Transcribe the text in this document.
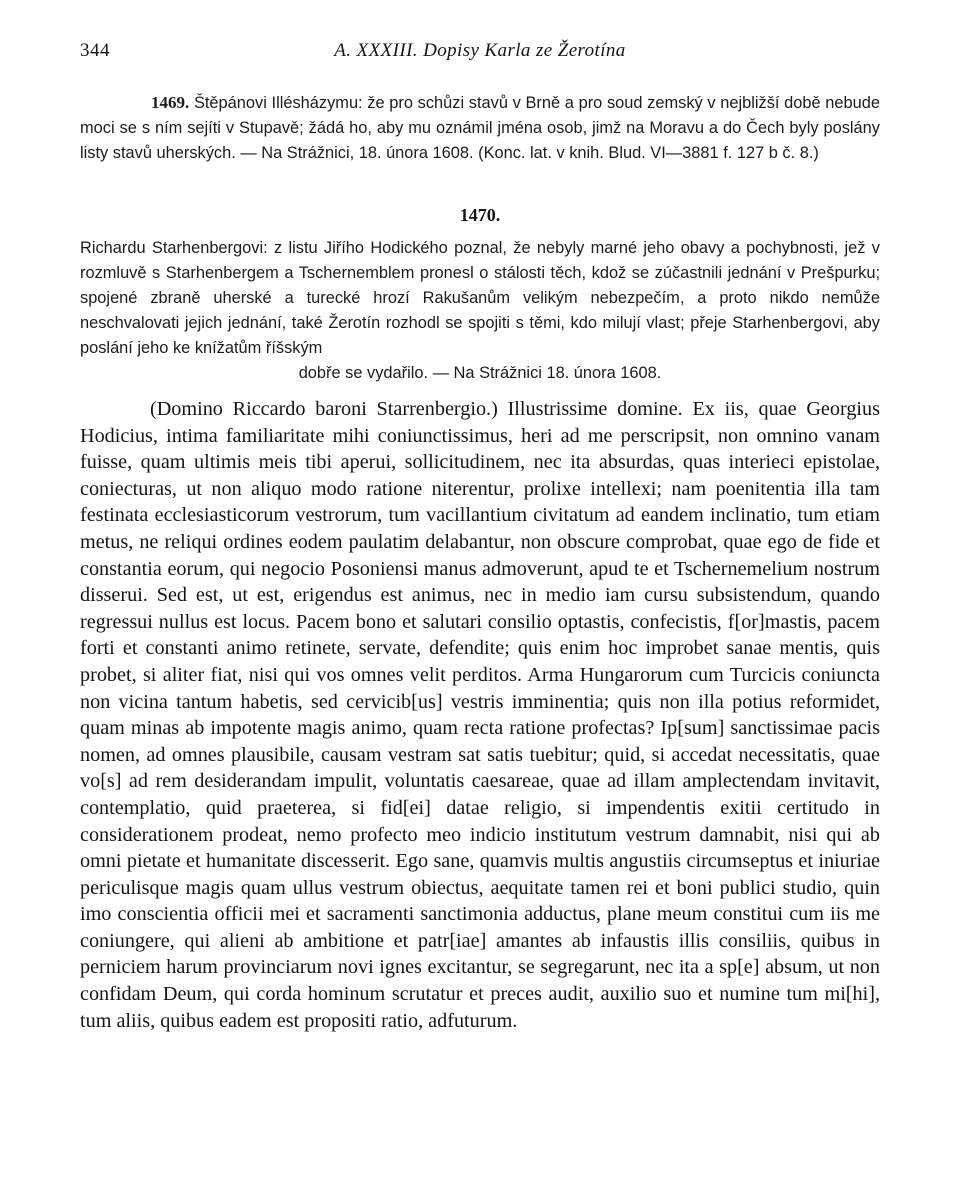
344	A. XXXIII. Dopisy Karla ze Žerotína

1469. Štěpánovi Illésházymu: že pro schůzi stavů v Brně a pro soud zemský v nejbližší době nebude moci se s ním sejíti v Stupavě; žádá ho, aby mu oznámil jména osob, jimž na Moravu a do Čech byly poslány listy stavů uherských. — Na Strážnici, 18. února 1608. (Konc. lat. v knih. Blud. VI—3881 f. 127 b č. 8.)

1470.
Richardu Starhenbergovi: z listu Jiřího Hodického poznal, že nebyly marné jeho obavy a pochybnosti, jež v rozmluvě s Starhenbergem a Tschernemblem pronesl o stálosti těch, kdož se zúčastnili jednání v Prešpurku; spojené zbraně uherské a turecké hrozí Rakušanům velikým nebezpečím, a proto nikdo nemůže neschvalovati jejich jednání, také Žerotín rozhodl se spojiti s těmi, kdo milují vlast; přeje Starhenbergovi, aby poslání jeho ke knížatům říšským
dobře se vydařilo. — Na Strážnici 18. února 1608.

(Domino Riccardo baroni Starrenbergio.) Illustrissime domine. Ex iis, quae Georgius Hodicius, intima familiaritate mihi coniunctissimus, heri ad me perscripsit, non omnino vanam fuisse, quam ultimis meis tibi aperui, sollicitudinem, nec ita absurdas, quas interieci epistolae, coniecturas, ut non aliquo modo ratione niterentur, prolixe intellexi; nam poenitentia illa tam festinata ecclesiasticorum vestrorum, tum vacillantium civitatum ad eandem inclinatio, tum etiam metus, ne reliqui ordines eodem paulatim delabantur, non obscure comprobat, quae ego de fide et constantia eorum, qui negocio Posoniensi manus admoverunt, apud te et Tschernemelium nostrum disserui. Sed est, ut est, erigendus est animus, nec in medio iam cursu subsistendum, quando regressui nullus est locus. Pacem bono et salutari consilio optastis, confecistis, f[or]mastis, pacem forti et constanti animo retinete, servate, defendite; quis enim hoc improbet sanae mentis, quis probet, si aliter fiat, nisi qui vos omnes velit perditos. Arma Hungarorum cum Turcicis coniuncta non vicina tantum habetis, sed cervicib[us] vestris imminentia; quis non illa potius reformidet, quam minas ab impotente magis animo, quam recta ratione profectas? Ip[sum] sanctissimae pacis nomen, ad omnes plausibile, causam vestram sat satis tuebitur; quid, si accedat necessitatis, quae vo[s] ad rem desiderandam impulit, voluntatis caesareae, quae ad illam amplectendam invitavit, contemplatio, quid praeterea, si fid[ei] datae religio, si impendentis exitii certitudo in considerationem prodeat, nemo profecto meo indicio institutum vestrum damnabit, nisi qui ab omni pietate et humanitate discesserit. Ego sane, quamvis multis angustiis circumseptus et iniuriae periculisque magis quam ullus vestrum obiectus, aequitate tamen rei et boni publici studio, quin imo conscientia officii mei et sacramenti sanctimonia adductus, plane meum constitui cum iis me coniungere, qui alieni ab ambitione et patr[iae] amantes ab infaustis illis consiliis, quibus in perniciem harum provinciarum novi ignes excitantur, se segregarunt, nec ita a sp[e] absum, ut non confidam Deum, qui corda hominum scrutatur et preces audit, auxilio suo et numine tum mi[hi], tum aliis, quibus eadem est propositi ratio, adfuturum.
